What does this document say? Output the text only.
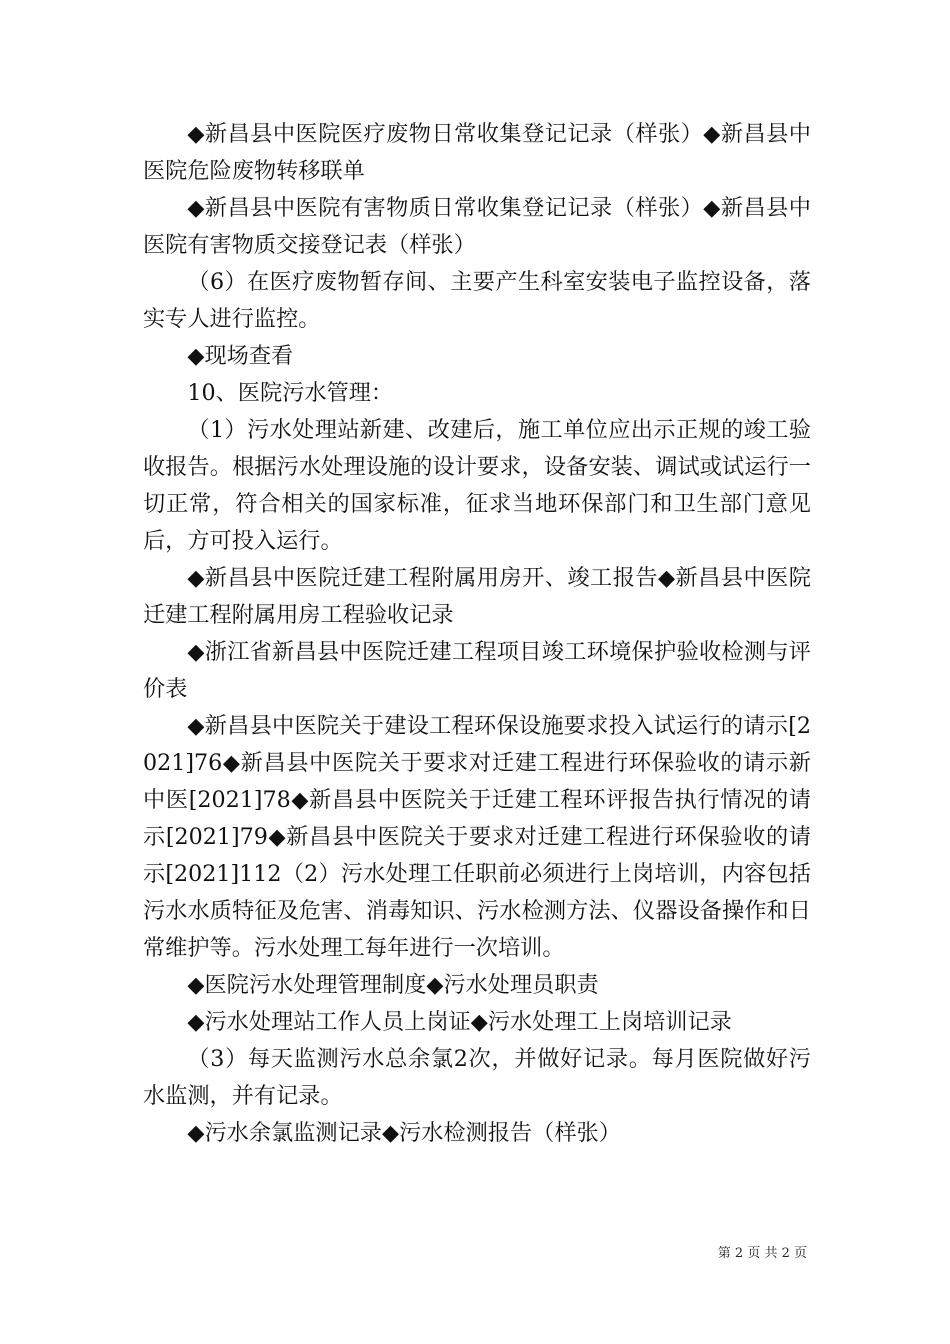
◆新昌县中医院医疗废物日常收集登记记录（样张）◆新昌县中医院危险废物转移联单

◆新昌县中医院有害物质日常收集登记记录（样张）◆新昌县中医院有害物质交接登记表（样张）

（6）在医疗废物暂存间、主要产生科室安装电子监控设备，落实专人进行监控。

◆现场查看

10、医院污水管理：

（1）污水处理站新建、改建后，施工单位应出示正规的竣工验收报告。根据污水处理设施的设计要求，设备安装、调试或试运行一切正常，符合相关的国家标准，征求当地环保部门和卫生部门意见后，方可投入运行。

◆新昌县中医院迁建工程附属用房开、竣工报告◆新昌县中医院迁建工程附属用房工程验收记录

◆浙江省新昌县中医院迁建工程项目竣工环境保护验收检测与评价表

◆新昌县中医院关于建设工程环保设施要求投入试运行的请示[2021]76◆新昌县中医院关于要求对迁建工程进行环保验收的请示新中医[2021]78◆新昌县中医院关于迁建工程环评报告执行情况的请示[2021]79◆新昌县中医院关于要求对迁建工程进行环保验收的请示[2021]112（2）污水处理工任职前必须进行上岗培训，内容包括污水水质特征及危害、消毒知识、污水检测方法、仪器设备操作和日常维护等。污水处理工每年进行一次培训。

◆医院污水处理管理制度◆污水处理员职责

◆污水处理站工作人员上岗证◆污水处理工上岗培训记录

（3）每天监测污水总余氯2次，并做好记录。每月医院做好污水监测，并有记录。

◆污水余氯监测记录◆污水检测报告（样张）

第 2 页 共 2 页
